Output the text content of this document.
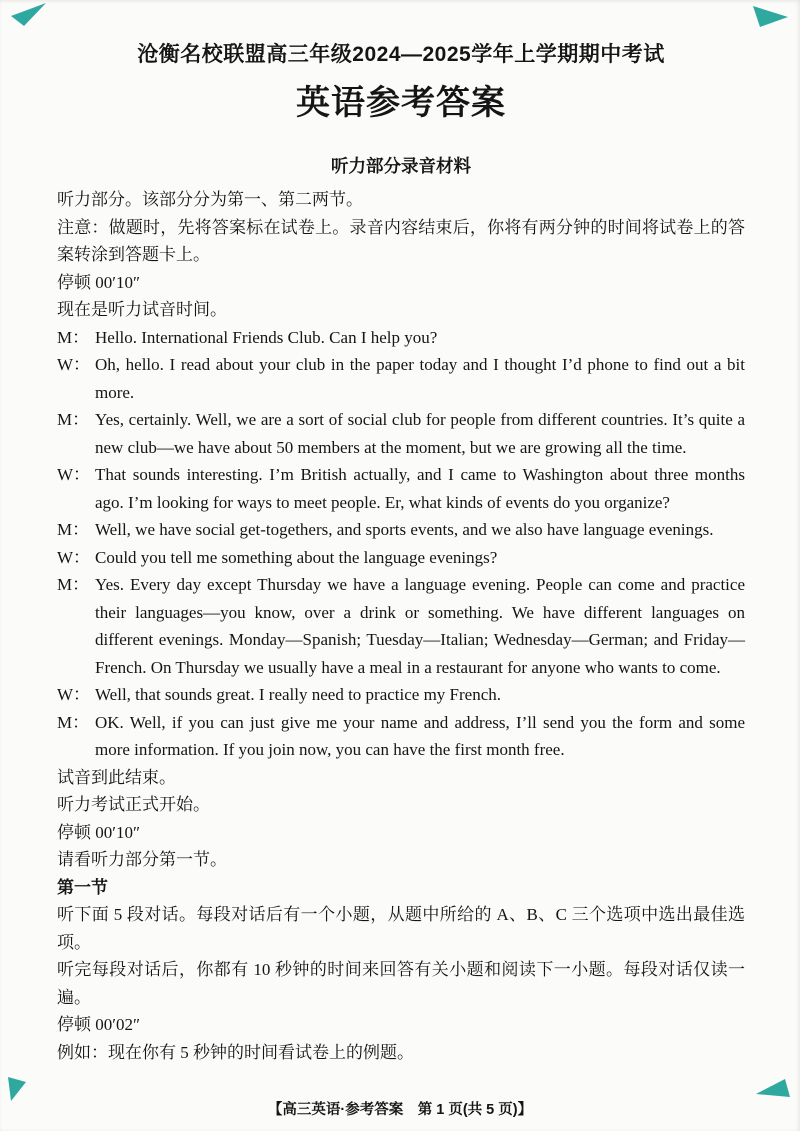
沧衡名校联盟高三年级2024—2025学年上学期期中考试
英语参考答案
听力部分录音材料

听力部分。该部分分为第一、第二两节。

注意：做题时，先将答案标在试卷上。录音内容结束后，你将有两分钟的时间将试卷上的答案转涂到答题卡上。

停顿 00′10″

现在是听力试音时间。

M： Hello. International Friends Club. Can I help you?

W： Oh, hello. I read about your club in the paper today and I thought I’d phone to find out a bit more.

M： Yes, certainly. Well, we are a sort of social club for people from different countries. It’s quite a new club—we have about 50 members at the moment, but we are growing all the time.

W： That sounds interesting. I’m British actually, and I came to Washington about three months ago. I’m looking for ways to meet people. Er, what kinds of events do you organize?

M： Well, we have social get-togethers, and sports events, and we also have language evenings.

W： Could you tell me something about the language evenings?

M： Yes. Every day except Thursday we have a language evening. People can come and practice their languages—you know, over a drink or something. We have different languages on different evenings. Monday—Spanish; Tuesday—Italian; Wednesday—German; and Friday—French. On Thursday we usually have a meal in a restaurant for anyone who wants to come.

W： Well, that sounds great. I really need to practice my French.

M： OK. Well, if you can just give me your name and address, I’ll send you the form and some more information. If you join now, you can have the first month free.

试音到此结束。

听力考试正式开始。

停顿 00′10″

请看听力部分第一节。

第一节

听下面 5 段对话。每段对话后有一个小题，从题中所给的 A、B、C 三个选项中选出最佳选项。

听完每段对话后，你都有 10 秒钟的时间来回答有关小题和阅读下一小题。每段对话仅读一遍。

停顿 00′02″

例如：现在你有 5 秒钟的时间看试卷上的例题。

【高三英语·参考答案　第 1 页(共 5 页)】
